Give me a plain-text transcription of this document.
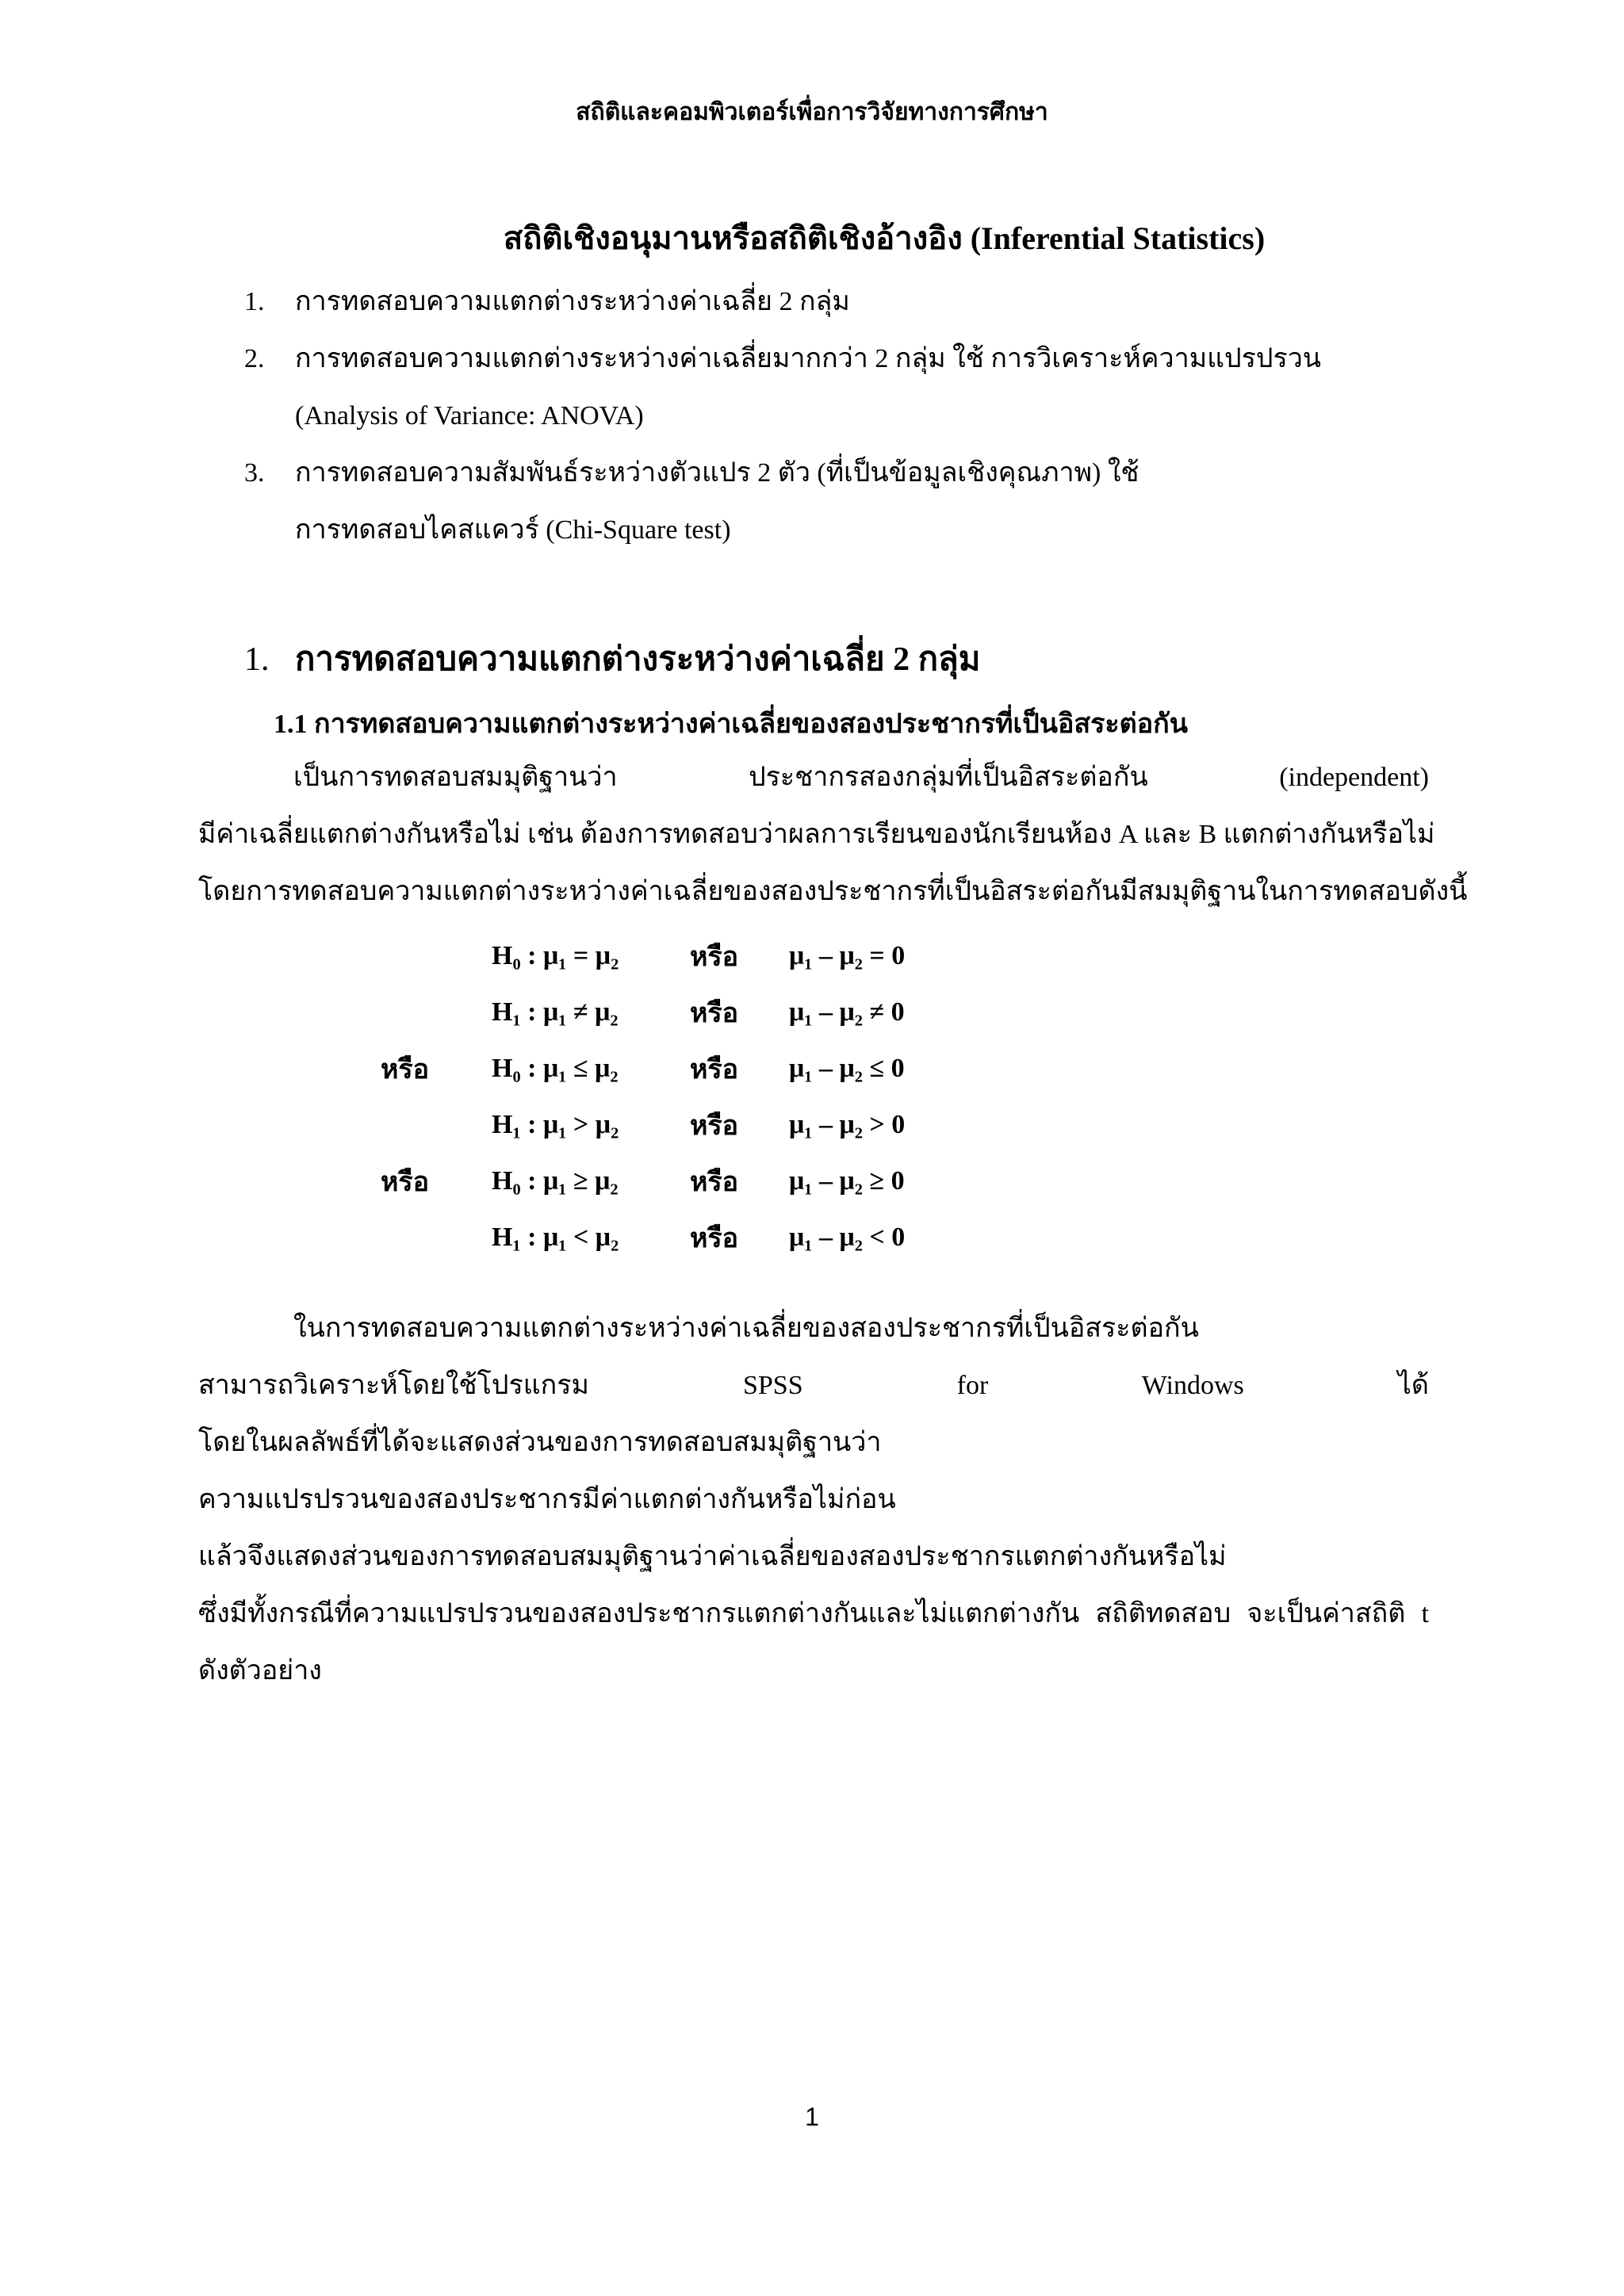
สถิติและคอมพิวเตอร์เพื่อการวิจัยทางการศึกษา
สถิติเชิงอนุมานหรือสถิติเชิงอ้างอิง (Inferential Statistics)
1. การทดสอบความแตกต่างระหว่างค่าเฉลี่ย 2 กลุ่ม
2. การทดสอบความแตกต่างระหว่างค่าเฉลี่ยมากกว่า 2 กลุ่ม ใช้ การวิเคราะห์ความแปรปรวน
(Analysis of Variance: ANOVA)
3. การทดสอบความสัมพันธ์ระหว่างตัวแปร 2 ตัว (ที่เป็นข้อมูลเชิงคุณภาพ) ใช้
การทดสอบไคสแควร์ (Chi-Square test)
1. การทดสอบความแตกต่างระหว่างค่าเฉลี่ย 2 กลุ่ม
1.1 การทดสอบความแตกต่างระหว่างค่าเฉลี่ยของสองประชากรที่เป็นอิสระต่อกัน
เป็นการทดสอบสมมุติฐานว่า ประชากรสองกลุ่มที่เป็นอิสระต่อกัน (independent)
มีค่าเฉลี่ยแตกต่างกันหรือไม่ เช่น ต้องการทดสอบว่าผลการเรียนของนักเรียนห้อง A และ B แตกต่างกันหรือไม่
โดยการทดสอบความแตกต่างระหว่างค่าเฉลี่ยของสองประชากรที่เป็นอิสระต่อกันมีสมมุติฐานในการทดสอบดังนี้
	H₀ : μ₁ = μ₂	หรือ	μ₁ – μ₂ = 0
	H₁ : μ₁ ≠ μ₂	หรือ	μ₁ – μ₂ ≠ 0
หรือ	H₀ : μ₁ ≤ μ₂	หรือ	μ₁ – μ₂ ≤ 0
	H₁ : μ₁ > μ₂	หรือ	μ₁ – μ₂ > 0
หรือ	H₀ : μ₁ ≥ μ₂	หรือ	μ₁ – μ₂ ≥ 0
	H₁ : μ₁ < μ₂	หรือ	μ₁ – μ₂ < 0
ในการทดสอบความแตกต่างระหว่างค่าเฉลี่ยของสองประชากรที่เป็นอิสระต่อกัน
สามารถวิเคราะห์โดยใช้โปรแกรม SPSS for Windows ได้
โดยในผลลัพธ์ที่ได้จะแสดงส่วนของการทดสอบสมมุติฐานว่า
ความแปรปรวนของสองประชากรมีค่าแตกต่างกันหรือไม่ก่อน
แล้วจึงแสดงส่วนของการทดสอบสมมุติฐานว่าค่าเฉลี่ยของสองประชากรแตกต่างกันหรือไม่
ซึ่งมีทั้งกรณีที่ความแปรปรวนของสองประชากรแตกต่างกันและไม่แตกต่างกัน สถิติทดสอบ จะเป็นค่าสถิติ t
ดังตัวอย่าง
1
